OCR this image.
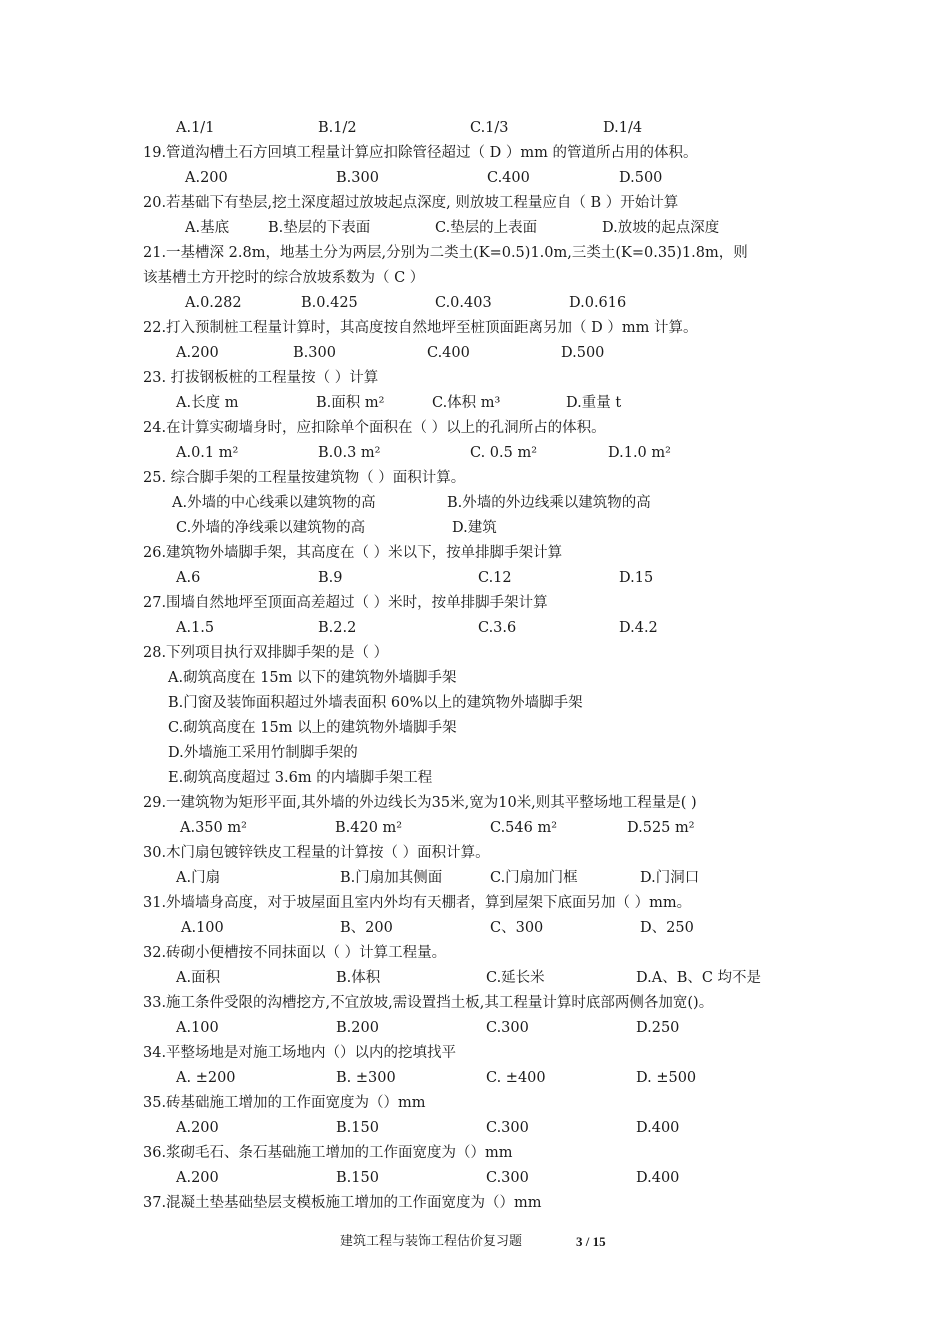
A.1/1	B.1/2	C.1/3	D.1/4
19.管道沟槽土石方回填工程量计算应扣除管径超过（ D ）mm 的管道所占用的体积。
A.200	B.300	C.400	D.500
20.若基础下有垫层,挖土深度超过放坡起点深度, 则放坡工程量应自（ B ）开始计算
A.基底	B.垫层的下表面	C.垫层的上表面	D.放坡的起点深度
21.一基槽深 2.8m，地基土分为两层,分别为二类土(K=0.5)1.0m,三类土(K=0.35)1.8m，则
该基槽土方开挖时的综合放坡系数为（ C ）
A.0.282	B.0.425	C.0.403	D.0.616
22.打入预制桩工程量计算时，其高度按自然地坪至桩顶面距离另加（ D ）mm 计算。
A.200	B.300	C.400	D.500
23. 打拔钢板桩的工程量按（ ）计算
A.长度 m	B.面积 m²	C.体积 m³	D.重量 t
24.在计算实砌墙身时，应扣除单个面积在（ ）以上的孔洞所占的体积。
A.0.1 m²	B.0.3 m²	C. 0.5 m²	D.1.0 m²
25. 综合脚手架的工程量按建筑物（ ）面积计算。
A.外墙的中心线乘以建筑物的高	B.外墙的外边线乘以建筑物的高
C.外墙的净线乘以建筑物的高	D.建筑
26.建筑物外墙脚手架，其高度在（ ）米以下，按单排脚手架计算
A.6	B.9	C.12	D.15
27.围墙自然地坪至顶面高差超过（ ）米时，按单排脚手架计算
A.1.5	B.2.2	C.3.6	D.4.2
28.下列项目执行双排脚手架的是（ ）
A.砌筑高度在 15m 以下的建筑物外墙脚手架
B.门窗及装饰面积超过外墙表面积 60%以上的建筑物外墙脚手架
C.砌筑高度在 15m 以上的建筑物外墙脚手架
D.外墙施工采用竹制脚手架的
E.砌筑高度超过 3.6m 的内墙脚手架工程
29.一建筑物为矩形平面,其外墙的外边线长为35米,宽为10米,则其平整场地工程量是( )
A.350 m²	B.420 m²	C.546 m²	D.525 m²
30.木门扇包镀锌铁皮工程量的计算按（ ）面积计算。
A.门扇	B.门扇加其侧面	C.门扇加门框	D.门洞口
31.外墙墙身高度，对于坡屋面且室内外均有天棚者，算到屋架下底面另加（ ）mm。
A.100	B、200	C、300	D、250
32.砖砌小便槽按不同抹面以（ ）计算工程量。
A.面积	B.体积	C.延长米	D.A、B、C 均不是
33.施工条件受限的沟槽挖方,不宜放坡,需设置挡土板,其工程量计算时底部两侧各加宽()。
A.100	B.200	C.300	D.250
34.平整场地是对施工场地内（）以内的挖填找平
A. ±200	B. ±300	C. ±400	D. ±500
35.砖基础施工增加的工作面宽度为（）mm
A.200	B.150	C.300	D.400
36.浆砌毛石、条石基础施工增加的工作面宽度为（）mm
A.200	B.150	C.300	D.400
37.混凝土垫基础垫层支模板施工增加的工作面宽度为（）mm
建筑工程与装饰工程估价复习题	3 / 15
